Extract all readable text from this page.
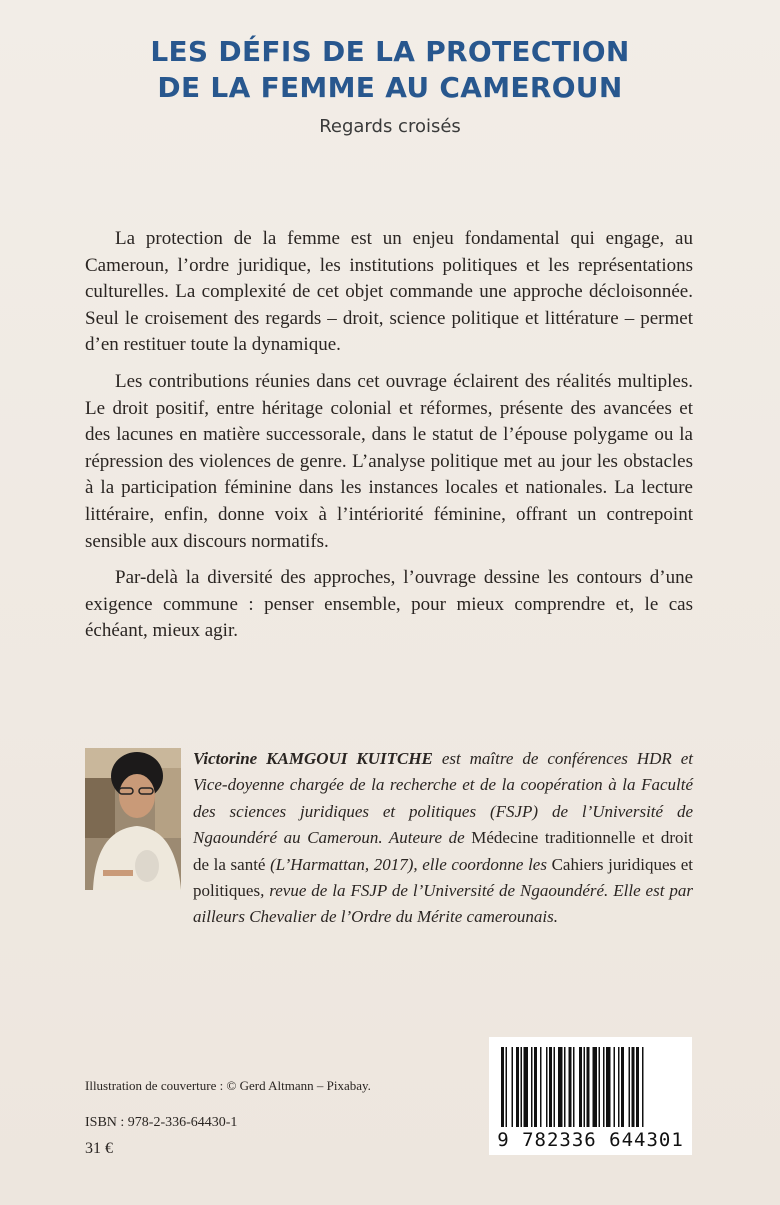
LES DÉFIS DE LA PROTECTION
DE LA FEMME AU CAMEROUN
Regards croisés

La protection de la femme est un enjeu fondamental qui engage, au Cameroun, l’ordre juridique, les institutions politiques et les représentations culturelles. La complexité de cet objet commande une approche décloisonnée. Seul le croisement des regards – droit, science politique et littérature – permet d’en restituer toute la dynamique.

Les contributions réunies dans cet ouvrage éclairent des réalités multiples. Le droit positif, entre héritage colonial et réformes, présente des avancées et des lacunes en matière successorale, dans le statut de l’épouse polygame ou la répression des violences de genre. L’analyse politique met au jour les obstacles à la participation féminine dans les instances locales et nationales. La lecture littéraire, enfin, donne voix à l’intériorité féminine, offrant un contrepoint sensible aux discours normatifs.

Par-delà la diversité des approches, l’ouvrage dessine les contours d’une exigence commune : penser ensemble, pour mieux comprendre et, le cas échéant, mieux agir.

Victorine KAMGOUI KUITCHE est maître de conférences HDR et Vice-doyenne chargée de la recherche et de la coopération à la Faculté des sciences juridiques et politiques (FSJP) de l’Université de Ngaoundéré au Cameroun. Auteure de Médecine traditionnelle et droit de la santé (L’Harmattan, 2017), elle coordonne les Cahiers juridiques et politiques, revue de la FSJP de l’Université de Ngaoundéré. Elle est par ailleurs Chevalier de l’Ordre du Mérite camerounais.
Illustration de couverture : © Gerd Altmann – Pixabay.
ISBN : 978-2-336-64430-1
31 €	9 782336 644301
